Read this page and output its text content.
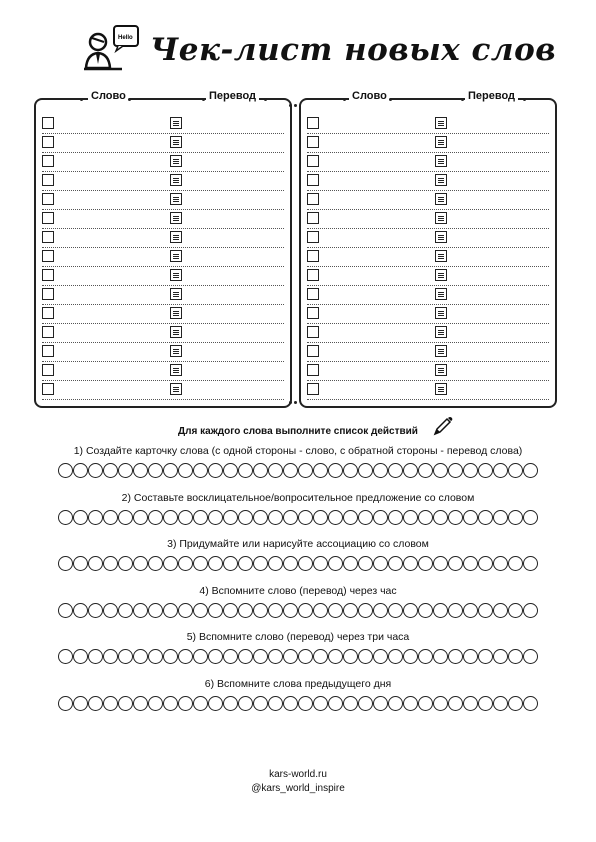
Hello Чек-лист новых слов
Слово	Перевод	Слово	Перевод
Для каждого слова выполните список действий
1) Создайте карточку слова (с одной стороны - слово, с обратной стороны - перевод слова)
2) Составьте восклицательное/вопросительное предложение со словом
3) Придумайте или нарисуйте ассоциацию со словом
4) Вспомните слово (перевод) через час
5) Вспомните слово (перевод) через три часа
6) Вспомните слова предыдущего дня
kars-world.ru
@kars_world_inspire
